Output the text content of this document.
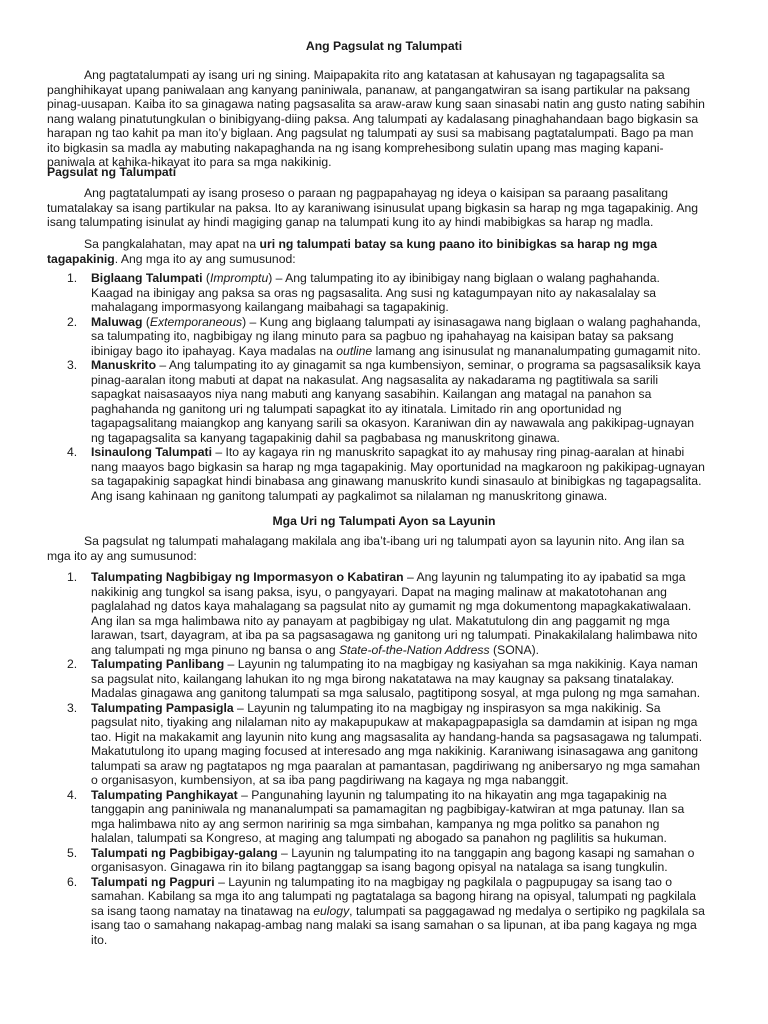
Ang Pagsulat ng Talumpati

Ang pagtatalumpati ay isang uri ng sining. Maipapakita rito ang katatasan at kahusayan ng tagapagsalita sa
panghihikayat upang paniwalaan ang kanyang paniniwala, pananaw, at pangangatwiran sa isang partikular na paksang
pinag-uusapan. Kaiba ito sa ginagawa nating pagsasalita sa araw-araw kung saan sinasabi natin ang gusto nating sabihin
nang walang pinatutungkulan o binibigyang-diing paksa. Ang talumpati ay kadalasang pinaghahandaan bago bigkasin sa
harapan ng tao kahit pa man ito’y biglaan. Ang pagsulat ng talumpati ay susi sa mabisang pagtatalumpati. Bago pa man
ito bigkasin sa madla ay mabuting nakapaghanda na ng isang komprehesibong sulatin upang mas maging kapani-
paniwala at kahika-hikayat ito para sa mga nakikinig.

Pagsulat ng Talumpati

Ang pagtatalumpati ay isang proseso o paraan ng pagpapahayag ng ideya o kaisipan sa paraang pasalitang
tumatalakay sa isang partikular na paksa. Ito ay karaniwang isinusulat upang bigkasin sa harap ng mga tagapakinig. Ang
isang talumpating isinulat ay hindi magiging ganap na talumpati kung ito ay hindi mabibigkas sa harap ng madla.

Sa pangkalahatan, may apat na uri ng talumpati batay sa kung paano ito binibigkas sa harap ng mga
tagapakinig. Ang mga ito ay ang sumusunod:

1. Biglaang Talumpati (Impromptu) – Ang talumpating ito ay ibinibigay nang biglaan o walang paghahanda.
Kaagad na ibinigay ang paksa sa oras ng pagsasalita. Ang susi ng katagumpayan nito ay nakasalalay sa
mahalagang impormasyong kailangang maibahagi sa tagapakinig.
2. Maluwag (Extemporaneous) – Kung ang biglaang talumpati ay isinasagawa nang biglaan o walang paghahanda,
sa talumpating ito, nagbibigay ng ilang minuto para sa pagbuo ng ipahahayag na kaisipan batay sa paksang
ibinigay bago ito ipahayag. Kaya madalas na outline lamang ang isinusulat ng mananalumpating gumagamit nito.
3. Manuskrito – Ang talumpating ito ay ginagamit sa nga kumbensiyon, seminar, o programa sa pagsasaliksik kaya
pinag-aaralan itong mabuti at dapat na nakasulat. Ang nagsasalita ay nakadarama ng pagtitiwala sa sarili
sapagkat naisasaayos niya nang mabuti ang kanyang sasabihin. Kailangan ang matagal na panahon sa
paghahanda ng ganitong uri ng talumpati sapagkat ito ay itinatala. Limitado rin ang oportunidad ng
tagapagsalitang maiangkop ang kanyang sarili sa okasyon. Karaniwan din ay nawawala ang pakikipag-ugnayan
ng tagapagsalita sa kanyang tagapakinig dahil sa pagbabasa ng manuskritong ginawa.
4. Isinaulong Talumpati – Ito ay kagaya rin ng manuskrito sapagkat ito ay mahusay ring pinag-aaralan at hinabi
nang maayos bago bigkasin sa harap ng mga tagapakinig. May oportunidad na magkaroon ng pakikipag-ugnayan
sa tagapakinig sapagkat hindi binabasa ang ginawang manuskrito kundi sinasaulo at binibigkas ng tagapagsalita.
Ang isang kahinaan ng ganitong talumpati ay pagkalimot sa nilalaman ng manuskritong ginawa.
Mga Uri ng Talumpati Ayon sa Layunin

Sa pagsulat ng talumpati mahalagang makilala ang iba’t-ibang uri ng talumpati ayon sa layunin nito. Ang ilan sa
mga ito ay ang sumusunod:

1. Talumpating Nagbibigay ng Impormasyon o Kabatiran – Ang layunin ng talumpating ito ay ipabatid sa mga
nakikinig ang tungkol sa isang paksa, isyu, o pangyayari. Dapat na maging malinaw at makatotohanan ang
paglalahad ng datos kaya mahalagang sa pagsulat nito ay gumamit ng mga dokumentong mapagkakatiwalaan.
Ang ilan sa mga halimbawa nito ay panayam at pagbibigay ng ulat. Makatutulong din ang paggamit ng mga
larawan, tsart, dayagram, at iba pa sa pagsasagawa ng ganitong uri ng talumpati. Pinakakilalang halimbawa nito
ang talumpati ng mga pinuno ng bansa o ang State-of-the-Nation Address (SONA).
2. Talumpating Panlibang – Layunin ng talumpating ito na magbigay ng kasiyahan sa mga nakikinig. Kaya naman
sa pagsulat nito, kailangang lahukan ito ng mga birong nakatatawa na may kaugnay sa paksang tinatalakay.
Madalas ginagawa ang ganitong talumpati sa mga salusalo, pagtitipong sosyal, at mga pulong ng mga samahan.
3. Talumpating Pampasigla – Layunin ng talumpating ito na magbigay ng inspirasyon sa mga nakikinig. Sa
pagsulat nito, tiyaking ang nilalaman nito ay makapupukaw at makapagpapasigla sa damdamin at isipan ng mga
tao. Higit na makakamit ang layunin nito kung ang magsasalita ay handang-handa sa pagsasagawa ng talumpati.
Makatutulong ito upang maging focused at interesado ang mga nakikinig. Karaniwang isinasagawa ang ganitong
talumpati sa araw ng pagtatapos ng mga paaralan at pamantasan, pagdiriwang ng anibersaryo ng mga samahan
o organisasyon, kumbensiyon, at sa iba pang pagdiriwang na kagaya ng mga nabanggit.
4. Talumpating Panghikayat – Pangunahing layunin ng talumpating ito na hikayatin ang mga tagapakinig na
tanggapin ang paniniwala ng mananalumpati sa pamamagitan ng pagbibigay-katwiran at mga patunay. Ilan sa
mga halimbawa nito ay ang sermon naririnig sa mga simbahan, kampanya ng mga politko sa panahon ng
halalan, talumpati sa Kongreso, at maging ang talumpati ng abogado sa panahon ng paglilitis sa hukuman.
5. Talumpati ng Pagbibigay-galang – Layunin ng talumpating ito na tanggapin ang bagong kasapi ng samahan o
organisasyon. Ginagawa rin ito bilang pagtanggap sa isang bagong opisyal na natalaga sa isang tungkulin.
6. Talumpati ng Pagpuri – Layunin ng talumpating ito na magbigay ng pagkilala o pagpupugay sa isang tao o
samahan. Kabilang sa mga ito ang talumpati ng pagtatalaga sa bagong hirang na opisyal, talumpati ng pagkilala
sa isang taong namatay na tinatawag na eulogy, talumpati sa paggagawad ng medalya o sertipiko ng pagkilala sa
isang tao o samahang nakapag-ambag nang malaki sa isang samahan o sa lipunan, at iba pang kagaya ng mga
ito.
